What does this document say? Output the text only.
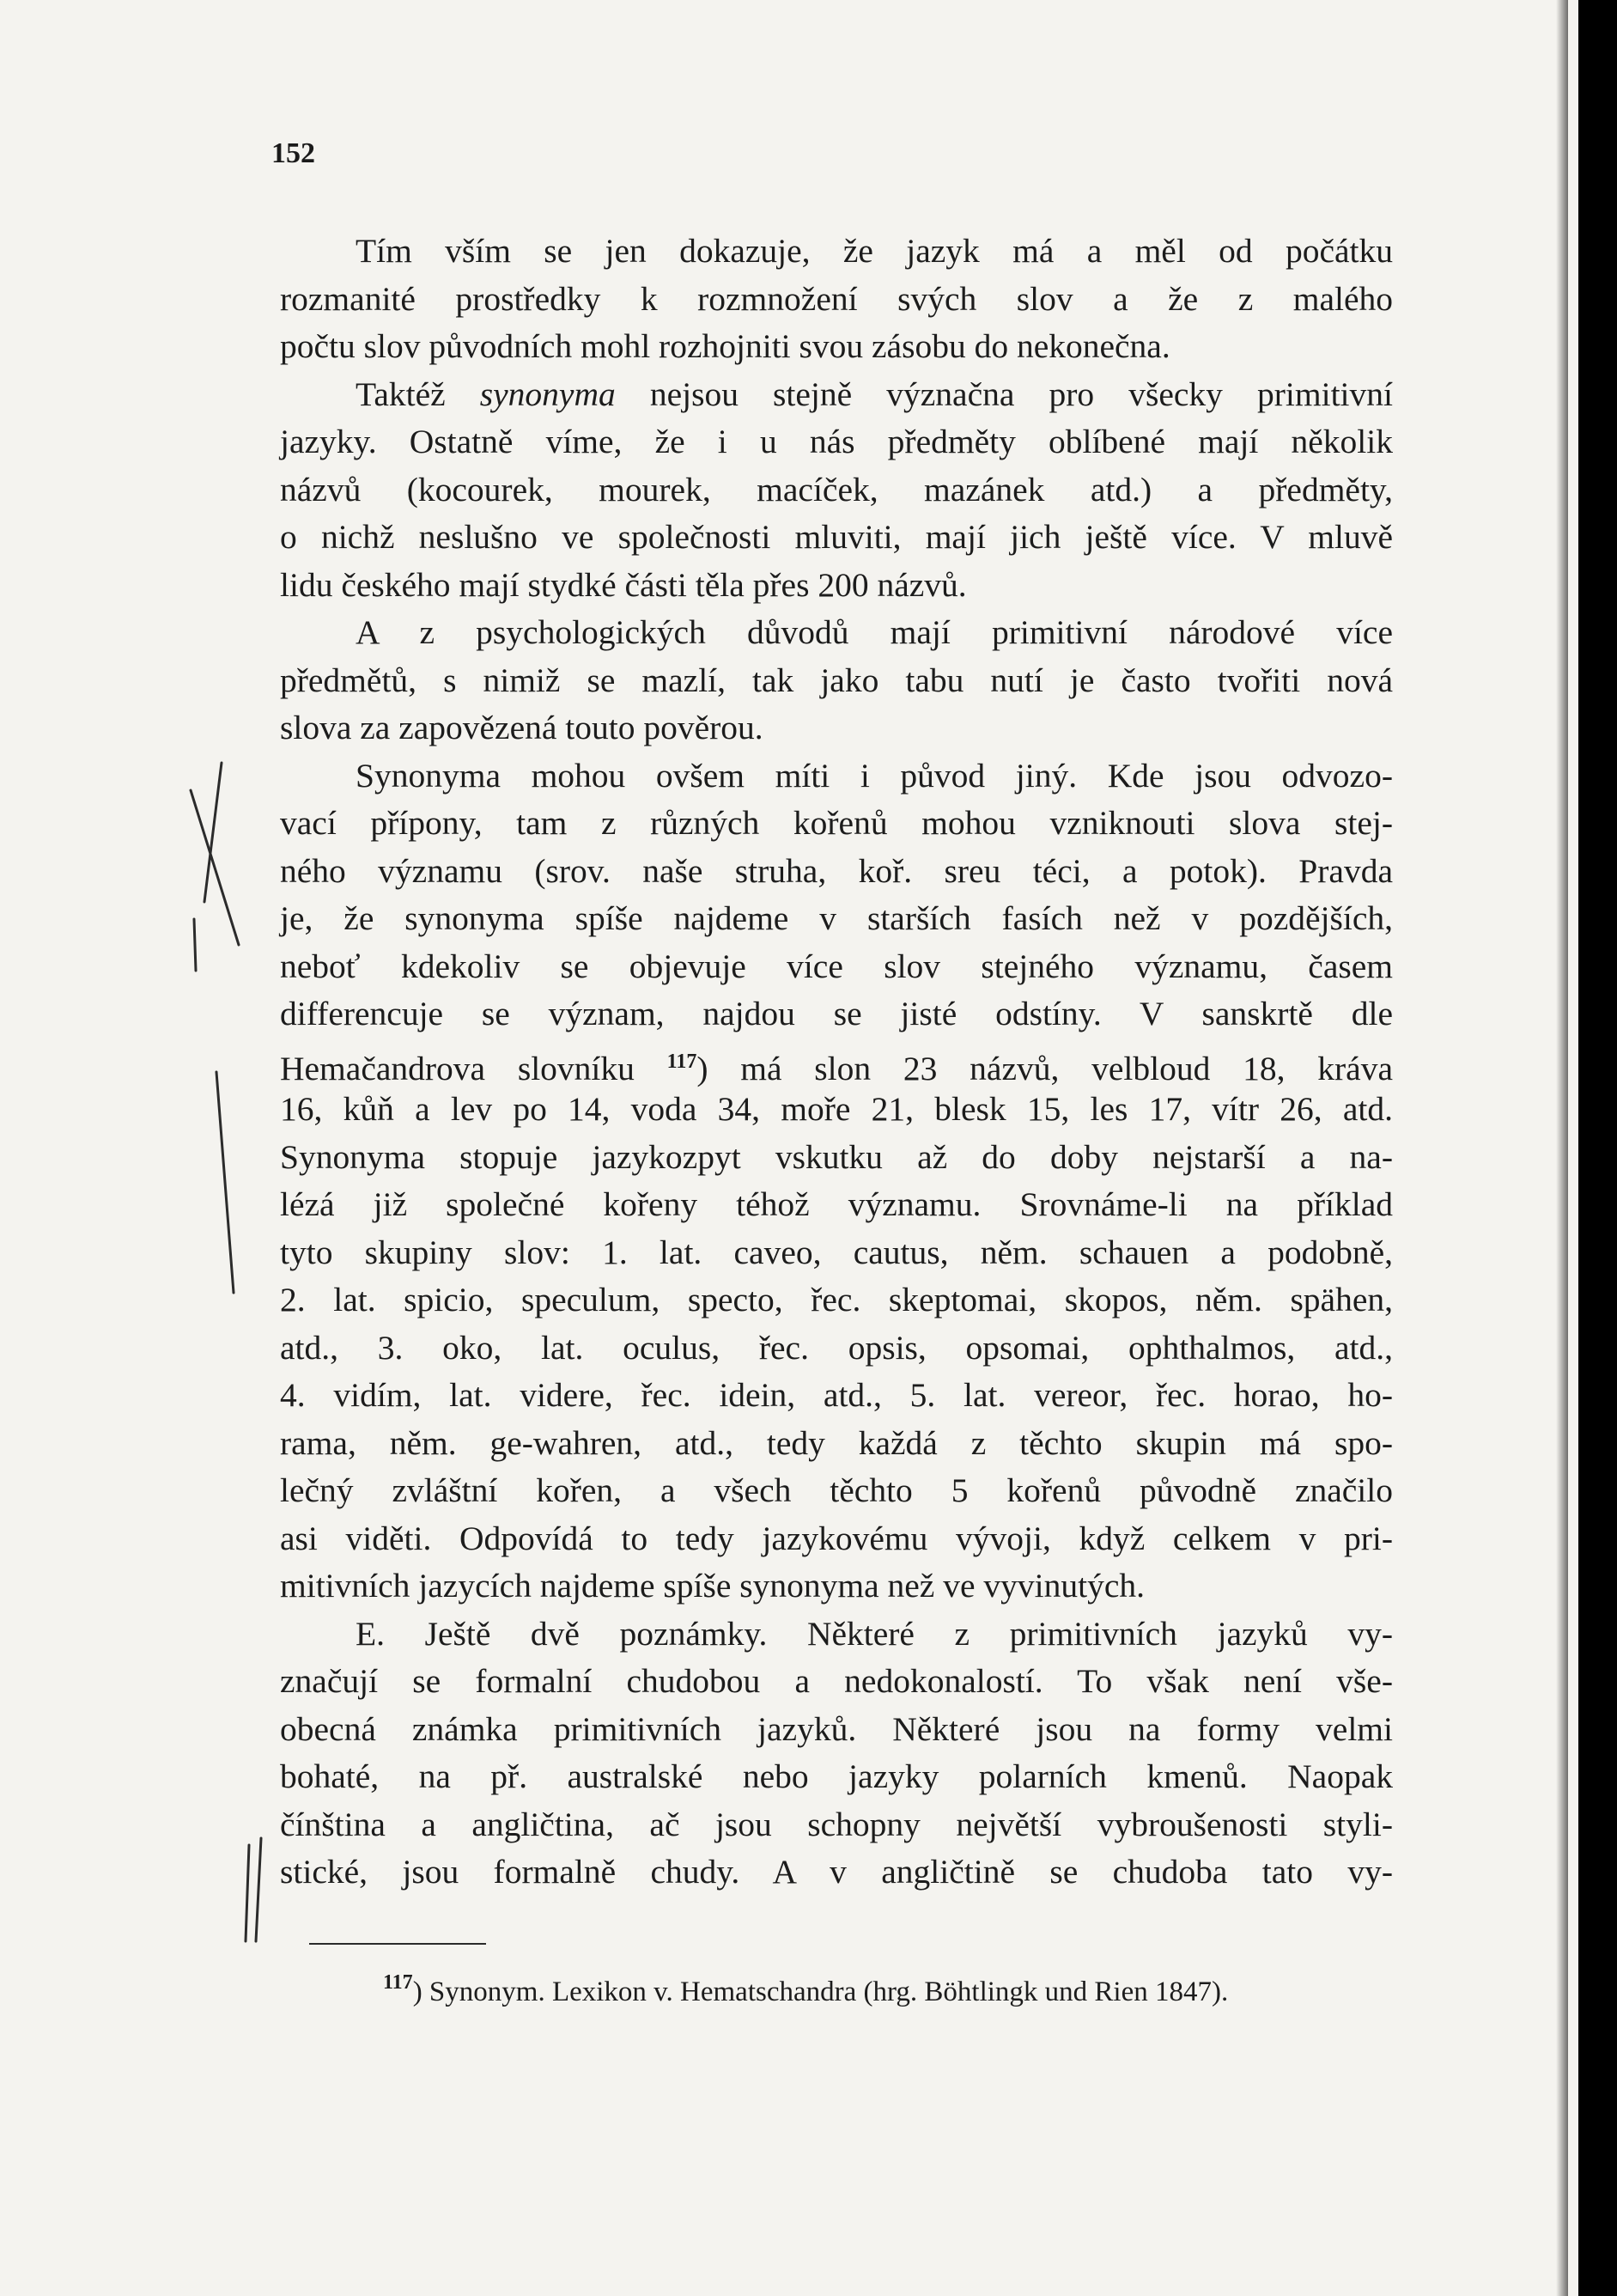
152
Tím vším se jen dokazuje, že jazyk má a měl od počátku
rozmanité prostředky k rozmnožení svých slov a že z malého
počtu slov původních mohl rozhojniti svou zásobu do nekonečna.
Taktéž synonyma nejsou stejně význačna pro všecky primitivní
jazyky. Ostatně víme, že i u nás předměty oblíbené mají několik
názvů (kocourek, mourek, macíček, mazánek atd.) a předměty,
o nichž neslušno ve společnosti mluviti, mají jich ještě více. V mluvě
lidu českého mají stydké části těla přes 200 názvů.
A z psychologických důvodů mají primitivní národové více
předmětů, s nimiž se mazlí, tak jako tabu nutí je často tvořiti nová
slova za zapovězená touto pověrou.
Synonyma mohou ovšem míti i původ jiný. Kde jsou odvozo-
vací přípony, tam z různých kořenů mohou vzniknouti slova stej-
ného významu (srov. naše struha, koř. sreu téci, a potok). Pravda
je, že synonyma spíše najdeme v starších fasích než v pozdějších,
neboť kdekoliv se objevuje více slov stejného významu, časem
differencuje se význam, najdou se jisté odstíny. V sanskrtě dle
Hemačandrova slovníku $^{117}$) má slon 23 názvů, velbloud 18, kráva
16, kůň a lev po 14, voda 34, moře 21, blesk 15, les 17, vítr 26, atd.
Synonyma stopuje jazykozpyt vskutku až do doby nejstarší a na-
lézá již společné kořeny téhož významu. Srovnáme-li na příklad
tyto skupiny slov: 1. lat. caveo, cautus, něm. schauen a podobně,
2. lat. spicio, speculum, specto, řec. skeptomai, skopos, něm. spähen,
atd., 3. oko, lat. oculus, řec. opsis, opsomai, ophthalmos, atd.,
4. vidím, lat. videre, řec. idein, atd., 5. lat. vereor, řec. horao, ho-
rama, něm. ge-wahren, atd., tedy každá z těchto skupin má spo-
lečný zvláštní kořen, a všech těchto 5 kořenů původně značilo
asi viděti. Odpovídá to tedy jazykovému vývoji, když celkem v pri-
mitivních jazycích najdeme spíše synonyma než ve vyvinutých.
E. Ještě dvě poznámky. Některé z primitivních jazyků vy-
značují se formalní chudobou a nedokonalostí. To však není vše-
obecná známka primitivních jazyků. Některé jsou na formy velmi
bohaté, na př. australské nebo jazyky polarních kmenů. Naopak
čínština a angličtina, ač jsou schopny největší vybroušenosti styli-
stické, jsou formalně chudy. A v angličtině se chudoba tato vy-
$^{117}$) Synonym. Lexikon v. Hematschandra (hrg. Böhtlingk und Rien 1847).
